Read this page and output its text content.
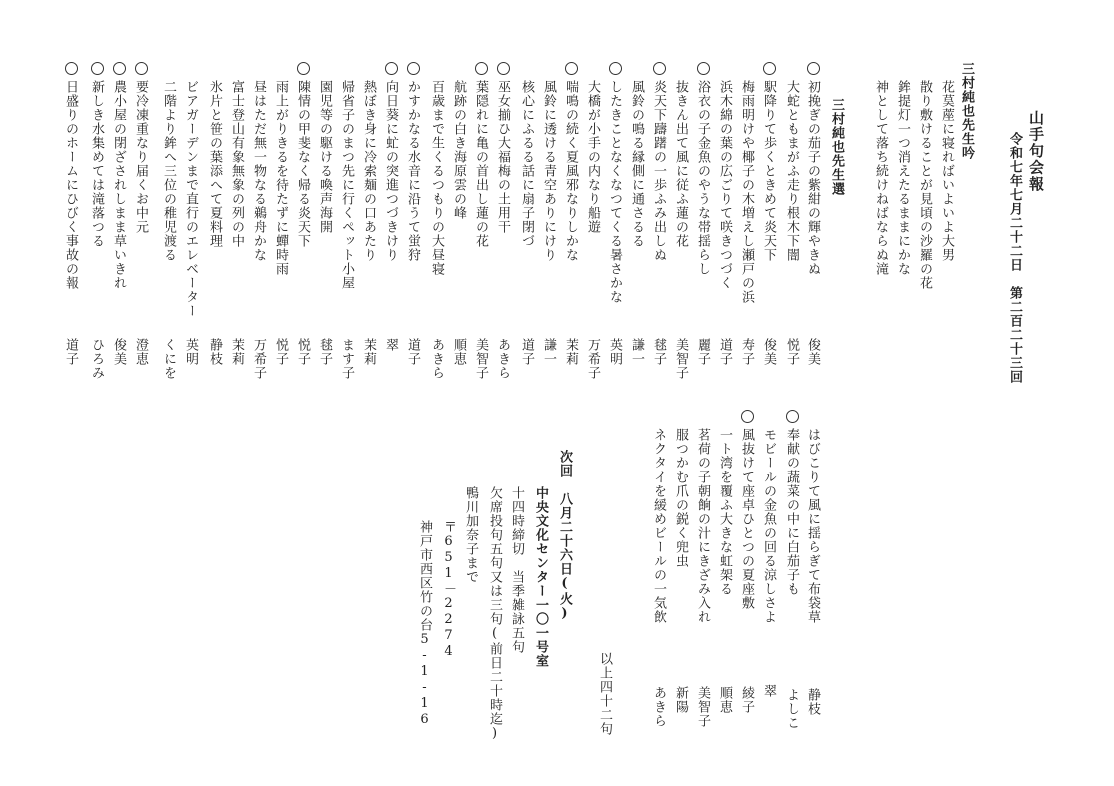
山手句会報
令和七年七月二十二日　第二百二十三回
三村純也先生吟
花茣蓙に寝ればいよいよ大男
散り敷けることが見頃の沙羅の花
鉾提灯一つ消えたるままにかな
神として落ち続けねばならぬ滝
三村純也先生選
初挽ぎの茄子の紫紺の輝やきぬ
俊美
大蛇ともまがふ走り根木下闇
悦子
駅降りて歩くときめて炎天下
俊美
梅雨明けや椰子の木増えし瀬戸の浜
寿子
浜木綿の葉の広ごりて咲きつづく
道子
浴衣の子金魚のやうな帯揺らし
麗子
抜きん出て風に従ふ蓮の花
美智子
炎天下躊躇の一歩ふみ出しぬ
毬子
風鈴の鳴る縁側に通さるる
謙一
したきことなくなつてくる暑さかな
英明
大橋が小手の内なり船遊
万希子
喘鳴の続く夏風邪なりしかな
茉莉
風鈴に透ける青空ありにけり
謙一
核心にふるる話に扇子閉づ
道子
巫女揃ひ大福梅の土用干
あきら
葉隠れに亀の首出し蓮の花
美智子
航跡の白き海原雲の峰
順恵
百歳まで生くるつもりの大昼寝
あきら
かすかなる水音に沿うて蛍狩
道子
向日葵に虻の突進つづきけり
翠
熱ぼき身に冷索麺の口あたり
茉莉
帰省子のまつ先に行くペット小屋
ます子
園児等の駆ける喚声海開
毬子
陳情の甲斐なく帰る炎天下
悦子
雨上がりきるを待たずに蟬時雨
悦子
昼はただ無一物なる鵜舟かな
万希子
富士登山有象無象の列の中
茉莉
氷片と笹の葉添へて夏料理
静枝
ビアガーデンまで直行のエレベーター
英明
二階より鉾へ三位の稚児渡る
くにを
要冷凍重なり届くお中元
澄恵
農小屋の閉ざされしまま草いきれ
俊美
新しき水集めては滝落つる
ひろみ
日盛りのホームにひびく事故の報
道子
はびこりて風に揺らぎて布袋草
静枝
奉献の蔬菜の中に白茄子も
よしこ
モビールの金魚の回る涼しさよ
翠
風抜けて座卓ひとつの夏座敷
綾子
一ト湾を覆ふ大きな虹架る
順恵
茗荷の子朝餉の汁にきざみ入れ
美智子
服つかむ爪の鋭く兜虫
新陽
ネクタイを緩めビールの一気飲
あきら
以上四十二句
次回　八月二十六日(火)
中央文化センター一〇一号室
十四時締切　当季雑詠五句
欠席投句五句又は三句(前日二十時迄)
鴨川加奈子まで
〒651－2274
神戸市西区竹の台5-1-16
